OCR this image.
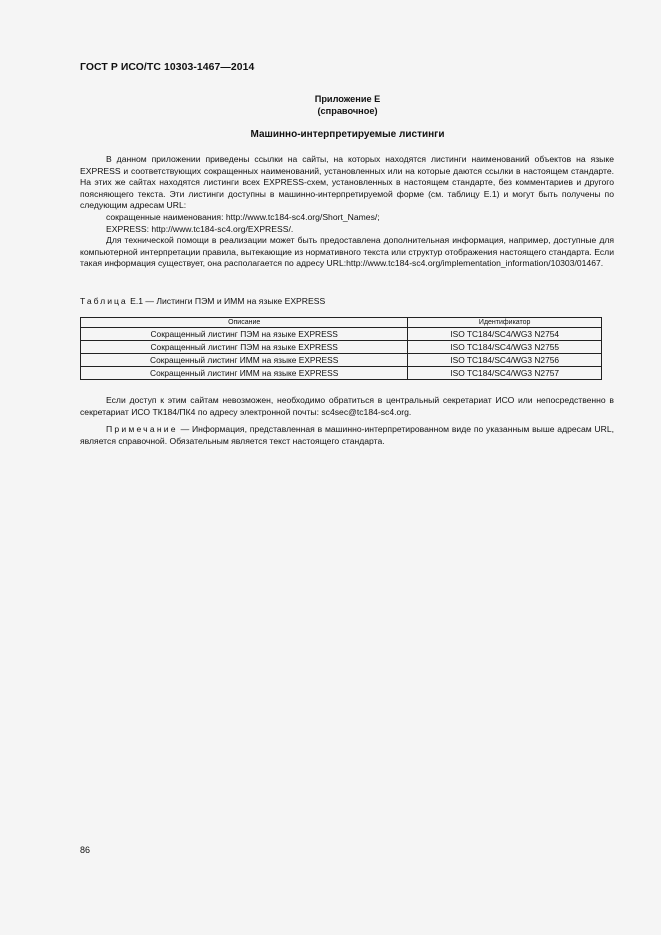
ГОСТ Р ИСО/ТС 10303-1467—2014
Приложение Е
(справочное)
Машинно-интерпретируемые листинги

В данном приложении приведены ссылки на сайты, на которых находятся листинги наименований объектов на языке EXPRESS и соответствующих сокращенных наименований, установленных или на которые даются ссылки в настоящем стандарте. На этих же сайтах находятся листинги всех EXPRESS-схем, установленных в настоящем стандарте, без комментариев и другого поясняющего текста. Эти листинги доступны в машинно-интерпретируемой форме (см. таблицу Е.1) и могут быть получены по следующим адресам URL:

сокращенные наименования: http://www.tc184-sc4.org/Short_Names/;

EXPRESS: http://www.tc184-sc4.org/EXPRESS/.

Для технической помощи в реализации может быть предоставлена дополнительная информация, например, доступные для компьютерной интерпретации правила, вытекающие из нормативного текста или структур отображения настоящего стандарта. Если такая информация существует, она располагается по адресу URL:http://www.tc184-sc4.org/implementation_information/10303/01467.

Таблица Е.1 — Листинги ПЭМ и ИММ на языке EXPRESS
Описание	Идентификатор
Сокращенный листинг ПЭМ на языке EXPRESS	ISO TC184/SC4/WG3 N2754
Сокращенный листинг ПЭМ на языке EXPRESS	ISO TC184/SC4/WG3 N2755
Сокращенный листинг ИММ на языке EXPRESS	ISO TC184/SC4/WG3 N2756
Сокращенный листинг ИММ на языке EXPRESS	ISO TC184/SC4/WG3 N2757

Если доступ к этим сайтам невозможен, необходимо обратиться в центральный секретариат ИСО или непосредственно в секретариат ИСО ТК184/ПК4 по адресу электронной почты: sc4sec@tc184-sc4.org.

Примечание — Информация, представленная в машинно-интерпретированном виде по указанным выше адресам URL, является справочной. Обязательным является текст настоящего стандарта.

86
